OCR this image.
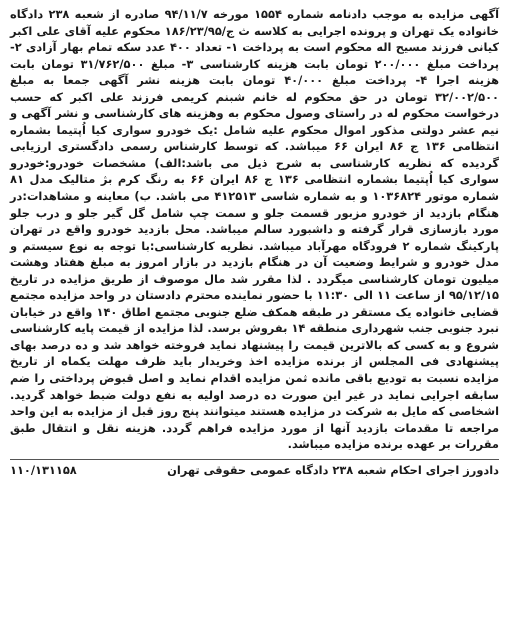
آگهی مزایده به موجب دادنامه شماره ۱۵۵۴ مورخه ۹۴/۱۱/۷ صادره از شعبه ۲۳۸ دادگاه خانواده یک تهران و پرونده اجرایی به کلاسه ث ج/۱۸۶/۲۳/۹۵ محکوم علیه آقای علی اکبر کیانی فرزند مسیح اله محکوم است به پرداخت ۱- تعداد ۴۰۰ عدد سکه تمام بهار آزادی ۲- پرداخت مبلغ ۲۰۰/۰۰۰ تومان بابت هزینه کارشناسی ۳- مبلغ ۳۱/۷۶۲/۵۰۰ تومان بابت هزینه اجرا ۴- پرداخت مبلغ ۴۰/۰۰۰ تومان بابت هزینه نشر آگهی جمعا به مبلغ ۳۲/۰۰۲/۵۰۰ تومان در حق محکوم له خانم شبنم کریمی فرزند علی اکبر که حسب درخواست محکوم له در راستای وصول محکوم به وهزینه های کارشناسی و نشر آگهی و نیم عشر دولتی مذکور اموال محکوم علیه شامل :یک خودرو سواری کیا اُپتیما بشماره انتظامی ۱۳۶ ج ۸۶ ایران ۶۶ میباشد. که توسط کارشناس رسمی دادگستری ارزیابی گردیده که نظریه کارشناسی به شرح ذیل می باشد:الف) مشخصات خودرو:خودرو سواری کیا اُپتیما بشماره انتظامی ۱۳۶ ج ۸۶ ایران ۶۶ به رنگ کرم بژ متالیک مدل ۸۱ شماره موتور ۱۰۳۶۸۲۴ و به شماره شاسی ۴۱۲۵۱۳ می باشد. ب) معاینه و مشاهدات:در هنگام بازدید از خودرو مزبور قسمت جلو و سمت چپ شامل گل گیر جلو و درب جلو مورد بازسازی قرار گرفته و داشبورد سالم میباشد. محل بازدید خودرو واقع در تهران پارکینگ شماره ۲ فرودگاه مهرآباد میباشد. نظریه کارشناسی:با توجه به نوع سیستم و مدل خودرو و شرایط وضعیت آن در هنگام بازدید در بازار امروز به مبلغ هفتاد وهشت میلیون تومان کارشناسی میگردد . لذا مقرر شد مال موصوف از طریق مزایده در تاریخ ۹۵/۱۲/۱۵ از ساعت ۱۱ الی ۱۱:۳۰ با حضور نماینده محترم دادستان در واحد مزایده مجتمع قضایی خانواده یک مستقر در طبقه همکف ضلع جنوبی مجتمع اطاق ۱۴۰ واقع در خیابان نبرد جنوبی جنب شهرداری منطقه ۱۴ بفروش برسد. لذا مزایده از قیمت پایه کارشناسی شروع و به کسی که بالاترین قیمت را پیشنهاد نماید فروخته خواهد شد و ده درصد بهای پیشنهادی فی المجلس از برنده مزایده اخذ وخریدار باید ظرف مهلت یکماه از تاریخ مزایده نسبت به تودیع باقی مانده ثمن مزایده اقدام نماید و اصل قبوض پرداختی را ضم سابقه اجرایی نماید در غیر این صورت ده درصد اولیه به نفع دولت ضبط خواهد گردید. اشخاصی که مایل به شرکت در مزایده هستند میتوانند پنج روز قبل از مزایده به این واحد مراجعه تا مقدمات بازدید آنها از مورد مزایده فراهم گردد. هزینه نقل و انتقال طبق مقررات بر عهده برنده مزایده میباشد.

دادورز اجرای احکام شعبه ۲۳۸ دادگاه عمومی حقوقی تهران
۱۱۰/۱۳۱۱۵۸
